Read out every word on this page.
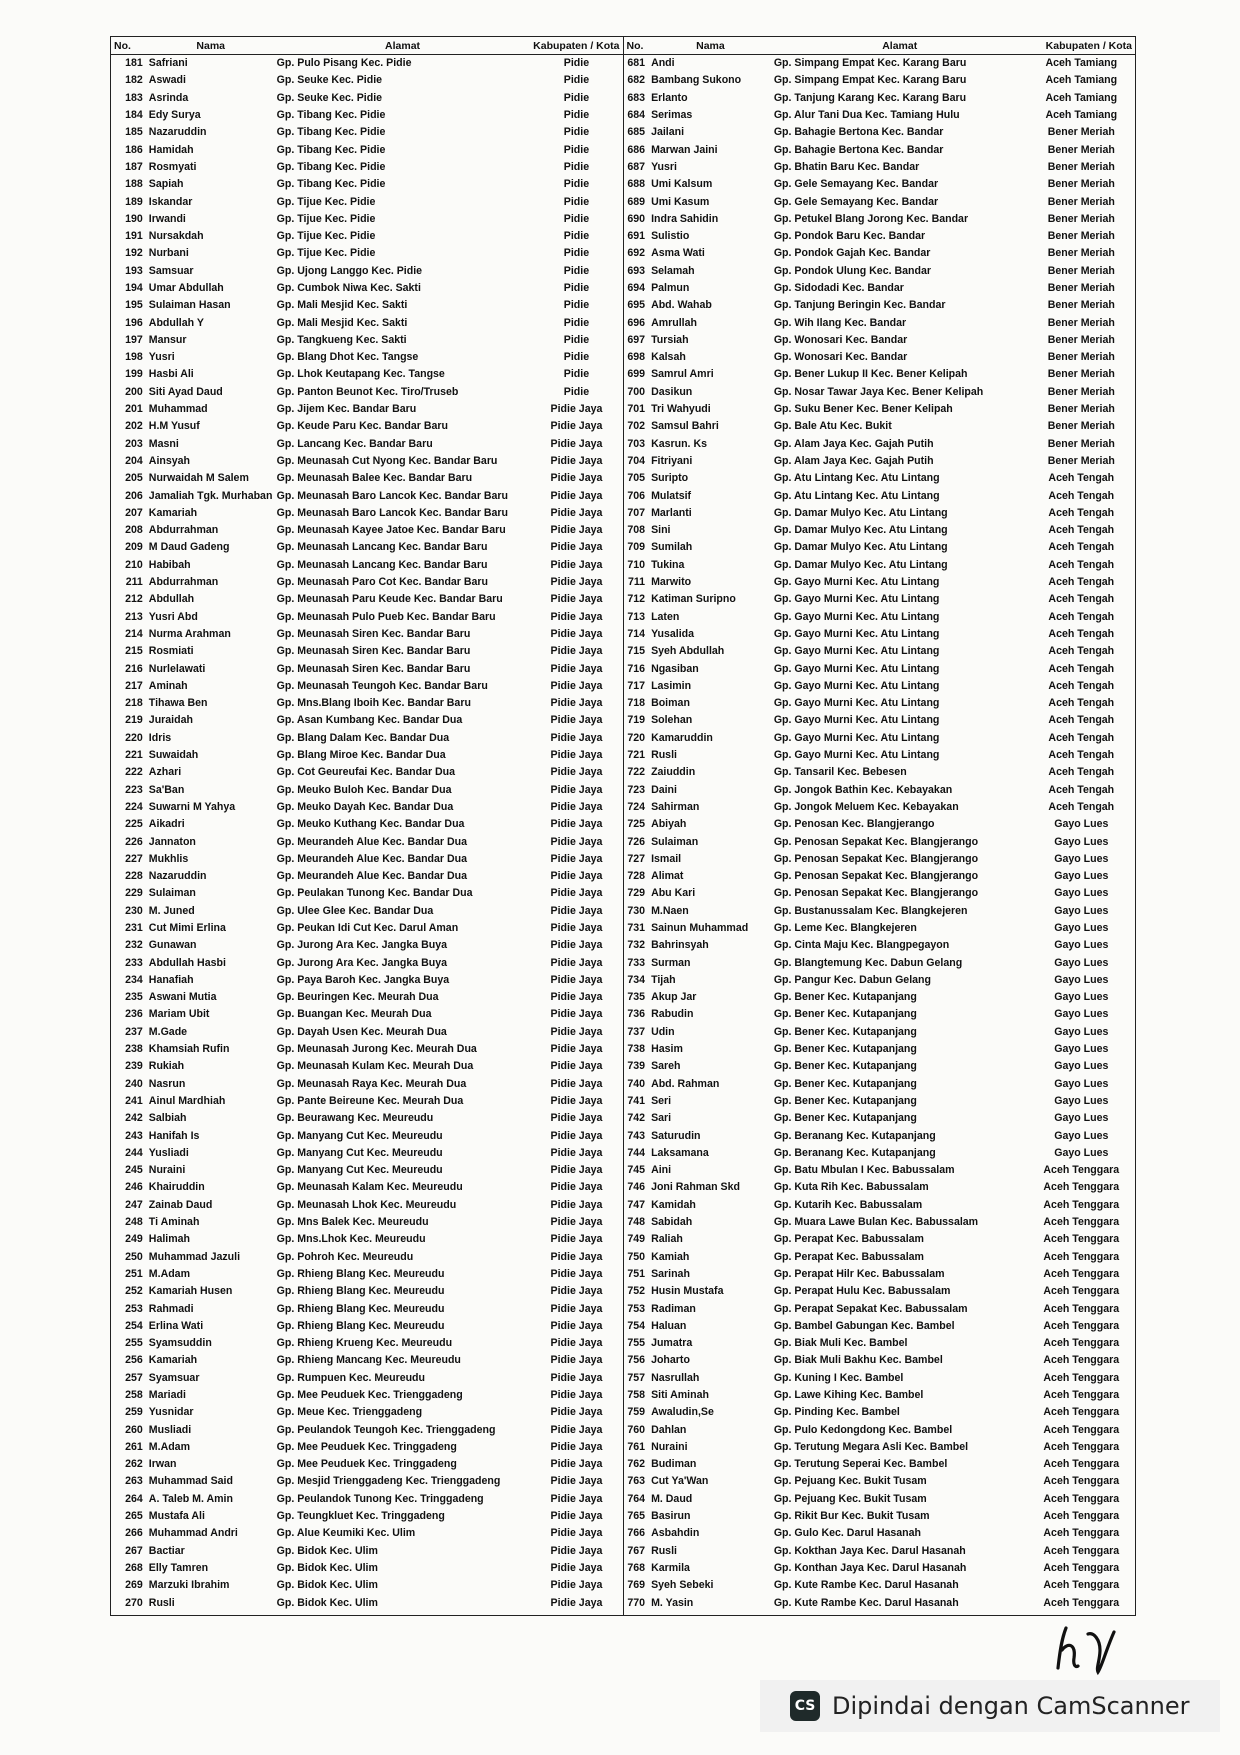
No.	Nama	Alamat	Kabupaten / Kota
181	Safriani	Gp. Pulo Pisang Kec. Pidie	Pidie
182	Aswadi	Gp. Seuke Kec. Pidie	Pidie
183	Asrinda	Gp. Seuke Kec. Pidie	Pidie
184	Edy Surya	Gp. Tibang Kec. Pidie	Pidie
185	Nazaruddin	Gp. Tibang Kec. Pidie	Pidie
186	Hamidah	Gp. Tibang Kec. Pidie	Pidie
187	Rosmyati	Gp. Tibang Kec. Pidie	Pidie
188	Sapiah	Gp. Tibang Kec. Pidie	Pidie
189	Iskandar	Gp. Tijue Kec. Pidie	Pidie
190	Irwandi	Gp. Tijue Kec. Pidie	Pidie
191	Nursakdah	Gp. Tijue Kec. Pidie	Pidie
192	Nurbani	Gp. Tijue Kec. Pidie	Pidie
193	Samsuar	Gp. Ujong Langgo Kec. Pidie	Pidie
194	Umar Abdullah	Gp. Cumbok Niwa Kec. Sakti	Pidie
195	Sulaiman Hasan	Gp. Mali Mesjid Kec. Sakti	Pidie
196	Abdullah Y	Gp. Mali Mesjid Kec. Sakti	Pidie
197	Mansur	Gp. Tangkueng Kec. Sakti	Pidie
198	Yusri	Gp. Blang Dhot Kec. Tangse	Pidie
199	Hasbi Ali	Gp. Lhok Keutapang Kec. Tangse	Pidie
200	Siti Ayad Daud	Gp. Panton Beunot Kec. Tiro/Truseb	Pidie
201	Muhammad	Gp. Jijem Kec. Bandar Baru	Pidie Jaya
202	H.M Yusuf	Gp. Keude Paru Kec. Bandar Baru	Pidie Jaya
203	Masni	Gp. Lancang Kec. Bandar Baru	Pidie Jaya
204	Ainsyah	Gp. Meunasah Cut Nyong Kec. Bandar Baru	Pidie Jaya
205	Nurwaidah M Salem	Gp. Meunasah Balee Kec. Bandar Baru	Pidie Jaya
206	Jamaliah Tgk. Murhaban	Gp. Meunasah Baro Lancok Kec. Bandar Baru	Pidie Jaya
207	Kamariah	Gp. Meunasah Baro Lancok Kec. Bandar Baru	Pidie Jaya
208	Abdurrahman	Gp. Meunasah Kayee Jatoe Kec. Bandar Baru	Pidie Jaya
209	M Daud Gadeng	Gp. Meunasah Lancang Kec. Bandar Baru	Pidie Jaya
210	Habibah	Gp. Meunasah Lancang Kec. Bandar Baru	Pidie Jaya
211	Abdurrahman	Gp. Meunasah Paro Cot Kec. Bandar Baru	Pidie Jaya
212	Abdullah	Gp. Meunasah Paru Keude Kec. Bandar Baru	Pidie Jaya
213	Yusri Abd	Gp. Meunasah Pulo Pueb Kec. Bandar Baru	Pidie Jaya
214	Nurma Arahman	Gp. Meunasah Siren Kec. Bandar Baru	Pidie Jaya
215	Rosmiati	Gp. Meunasah Siren Kec. Bandar Baru	Pidie Jaya
216	Nurlelawati	Gp. Meunasah Siren Kec. Bandar Baru	Pidie Jaya
217	Aminah	Gp. Meunasah Teungoh Kec. Bandar Baru	Pidie Jaya
218	Tihawa Ben	Gp. Mns.Blang Iboih Kec. Bandar Baru	Pidie Jaya
219	Juraidah	Gp. Asan Kumbang Kec. Bandar Dua	Pidie Jaya
220	Idris	Gp. Blang Dalam Kec. Bandar Dua	Pidie Jaya
221	Suwaidah	Gp. Blang Miroe Kec. Bandar Dua	Pidie Jaya
222	Azhari	Gp. Cot Geureufai Kec. Bandar Dua	Pidie Jaya
223	Sa'Ban	Gp. Meuko Buloh Kec. Bandar Dua	Pidie Jaya
224	Suwarni M Yahya	Gp. Meuko Dayah Kec. Bandar Dua	Pidie Jaya
225	Aikadri	Gp. Meuko Kuthang Kec. Bandar Dua	Pidie Jaya
226	Jannaton	Gp. Meurandeh Alue Kec. Bandar Dua	Pidie Jaya
227	Mukhlis	Gp. Meurandeh Alue Kec. Bandar Dua	Pidie Jaya
228	Nazaruddin	Gp. Meurandeh Alue Kec. Bandar Dua	Pidie Jaya
229	Sulaiman	Gp. Peulakan Tunong Kec. Bandar Dua	Pidie Jaya
230	M. Juned	Gp. Ulee Glee Kec. Bandar Dua	Pidie Jaya
231	Cut Mimi Erlina	Gp. Peukan Idi Cut Kec. Darul Aman	Pidie Jaya
232	Gunawan	Gp. Jurong Ara Kec. Jangka Buya	Pidie Jaya
233	Abdullah Hasbi	Gp. Jurong Ara Kec. Jangka Buya	Pidie Jaya
234	Hanafiah	Gp. Paya Baroh Kec. Jangka Buya	Pidie Jaya
235	Aswani Mutia	Gp. Beuringen Kec. Meurah Dua	Pidie Jaya
236	Mariam Ubit	Gp. Buangan Kec. Meurah Dua	Pidie Jaya
237	M.Gade	Gp. Dayah Usen Kec. Meurah Dua	Pidie Jaya
238	Khamsiah Rufin	Gp. Meunasah Jurong Kec. Meurah Dua	Pidie Jaya
239	Rukiah	Gp. Meunasah Kulam Kec. Meurah Dua	Pidie Jaya
240	Nasrun	Gp. Meunasah Raya Kec. Meurah Dua	Pidie Jaya
241	Ainul Mardhiah	Gp. Pante Beireune Kec. Meurah Dua	Pidie Jaya
242	Salbiah	Gp. Beurawang Kec. Meureudu	Pidie Jaya
243	Hanifah Is	Gp. Manyang Cut Kec. Meureudu	Pidie Jaya
244	Yusliadi	Gp. Manyang Cut Kec. Meureudu	Pidie Jaya
245	Nuraini	Gp. Manyang Cut Kec. Meureudu	Pidie Jaya
246	Khairuddin	Gp. Meunasah Kalam Kec. Meureudu	Pidie Jaya
247	Zainab Daud	Gp. Meunasah Lhok Kec. Meureudu	Pidie Jaya
248	Ti Aminah	Gp. Mns Balek Kec. Meureudu	Pidie Jaya
249	Halimah	Gp. Mns.Lhok Kec. Meureudu	Pidie Jaya
250	Muhammad Jazuli	Gp. Pohroh Kec. Meureudu	Pidie Jaya
251	M.Adam	Gp. Rhieng Blang Kec. Meureudu	Pidie Jaya
252	Kamariah Husen	Gp. Rhieng Blang Kec. Meureudu	Pidie Jaya
253	Rahmadi	Gp. Rhieng Blang Kec. Meureudu	Pidie Jaya
254	Erlina Wati	Gp. Rhieng Blang Kec. Meureudu	Pidie Jaya
255	Syamsuddin	Gp. Rhieng Krueng Kec. Meureudu	Pidie Jaya
256	Kamariah	Gp. Rhieng Mancang Kec. Meureudu	Pidie Jaya
257	Syamsuar	Gp. Rumpuen Kec. Meureudu	Pidie Jaya
258	Mariadi	Gp. Mee Peuduek Kec. Trienggadeng	Pidie Jaya
259	Yusnidar	Gp. Meue Kec. Trienggadeng	Pidie Jaya
260	Musliadi	Gp. Peulandok Teungoh Kec. Trienggadeng	Pidie Jaya
261	M.Adam	Gp. Mee Peuduek Kec. Tringgadeng	Pidie Jaya
262	Irwan	Gp. Mee Peuduek Kec. Tringgadeng	Pidie Jaya
263	Muhammad Said	Gp. Mesjid Trienggadeng Kec. Trienggadeng	Pidie Jaya
264	A. Taleb M. Amin	Gp. Peulandok Tunong Kec. Tringgadeng	Pidie Jaya
265	Mustafa Ali	Gp. Teungkluet Kec. Tringgadeng	Pidie Jaya
266	Muhammad Andri	Gp. Alue Keumiki Kec. Ulim	Pidie Jaya
267	Bactiar	Gp. Bidok Kec. Ulim	Pidie Jaya
268	Elly Tamren	Gp. Bidok Kec. Ulim	Pidie Jaya
269	Marzuki Ibrahim	Gp. Bidok Kec. Ulim	Pidie Jaya
270	Rusli	Gp. Bidok Kec. Ulim	Pidie Jaya
No.	Nama	Alamat	Kabupaten / Kota
681	Andi	Gp. Simpang Empat Kec. Karang Baru	Aceh Tamiang
682	Bambang Sukono	Gp. Simpang Empat Kec. Karang Baru	Aceh Tamiang
683	Erlanto	Gp. Tanjung Karang Kec. Karang Baru	Aceh Tamiang
684	Serimas	Gp. Alur Tani Dua Kec. Tamiang Hulu	Aceh Tamiang
685	Jailani	Gp. Bahagie Bertona Kec. Bandar	Bener Meriah
686	Marwan Jaini	Gp. Bahagie Bertona Kec. Bandar	Bener Meriah
687	Yusri	Gp. Bhatin Baru Kec. Bandar	Bener Meriah
688	Umi Kalsum	Gp. Gele Semayang Kec. Bandar	Bener Meriah
689	Umi Kasum	Gp. Gele Semayang Kec. Bandar	Bener Meriah
690	Indra Sahidin	Gp. Petukel Blang Jorong Kec. Bandar	Bener Meriah
691	Sulistio	Gp. Pondok Baru Kec. Bandar	Bener Meriah
692	Asma Wati	Gp. Pondok Gajah Kec. Bandar	Bener Meriah
693	Selamah	Gp. Pondok Ulung Kec. Bandar	Bener Meriah
694	Palmun	Gp. Sidodadi Kec. Bandar	Bener Meriah
695	Abd. Wahab	Gp. Tanjung Beringin Kec. Bandar	Bener Meriah
696	Amrullah	Gp. Wih Ilang Kec. Bandar	Bener Meriah
697	Tursiah	Gp. Wonosari Kec. Bandar	Bener Meriah
698	Kalsah	Gp. Wonosari Kec. Bandar	Bener Meriah
699	Samrul Amri	Gp. Bener Lukup II Kec. Bener Kelipah	Bener Meriah
700	Dasikun	Gp. Nosar Tawar Jaya Kec. Bener Kelipah	Bener Meriah
701	Tri Wahyudi	Gp. Suku Bener Kec. Bener Kelipah	Bener Meriah
702	Samsul Bahri	Gp. Bale Atu Kec. Bukit	Bener Meriah
703	Kasrun. Ks	Gp. Alam Jaya Kec. Gajah Putih	Bener Meriah
704	Fitriyani	Gp. Alam Jaya Kec. Gajah Putih	Bener Meriah
705	Suripto	Gp. Atu Lintang Kec. Atu Lintang	Aceh Tengah
706	Mulatsif	Gp. Atu Lintang Kec. Atu Lintang	Aceh Tengah
707	Marlanti	Gp. Damar Mulyo Kec. Atu Lintang	Aceh Tengah
708	Sini	Gp. Damar Mulyo Kec. Atu Lintang	Aceh Tengah
709	Sumilah	Gp. Damar Mulyo Kec. Atu Lintang	Aceh Tengah
710	Tukina	Gp. Damar Mulyo Kec. Atu Lintang	Aceh Tengah
711	Marwito	Gp. Gayo Murni Kec. Atu Lintang	Aceh Tengah
712	Katiman Suripno	Gp. Gayo Murni Kec. Atu Lintang	Aceh Tengah
713	Laten	Gp. Gayo Murni Kec. Atu Lintang	Aceh Tengah
714	Yusalida	Gp. Gayo Murni Kec. Atu Lintang	Aceh Tengah
715	Syeh Abdullah	Gp. Gayo Murni Kec. Atu Lintang	Aceh Tengah
716	Ngasiban	Gp. Gayo Murni Kec. Atu Lintang	Aceh Tengah
717	Lasimin	Gp. Gayo Murni Kec. Atu Lintang	Aceh Tengah
718	Boiman	Gp. Gayo Murni Kec. Atu Lintang	Aceh Tengah
719	Solehan	Gp. Gayo Murni Kec. Atu Lintang	Aceh Tengah
720	Kamaruddin	Gp. Gayo Murni Kec. Atu Lintang	Aceh Tengah
721	Rusli	Gp. Gayo Murni Kec. Atu Lintang	Aceh Tengah
722	Zaiuddin	Gp. Tansaril Kec. Bebesen	Aceh Tengah
723	Daini	Gp. Jongok Bathin Kec. Kebayakan	Aceh Tengah
724	Sahirman	Gp. Jongok Meluem Kec. Kebayakan	Aceh Tengah
725	Abiyah	Gp. Penosan Kec. Blangjerango	Gayo Lues
726	Sulaiman	Gp. Penosan Sepakat Kec. Blangjerango	Gayo Lues
727	Ismail	Gp. Penosan Sepakat Kec. Blangjerango	Gayo Lues
728	Alimat	Gp. Penosan Sepakat Kec. Blangjerango	Gayo Lues
729	Abu Kari	Gp. Penosan Sepakat Kec. Blangjerango	Gayo Lues
730	M.Naen	Gp. Bustanussalam Kec. Blangkejeren	Gayo Lues
731	Sainun Muhammad	Gp. Leme Kec. Blangkejeren	Gayo Lues
732	Bahrinsyah	Gp. Cinta Maju Kec. Blangpegayon	Gayo Lues
733	Surman	Gp. Blangtemung Kec. Dabun Gelang	Gayo Lues
734	Tijah	Gp. Pangur Kec. Dabun Gelang	Gayo Lues
735	Akup Jar	Gp. Bener Kec. Kutapanjang	Gayo Lues
736	Rabudin	Gp. Bener Kec. Kutapanjang	Gayo Lues
737	Udin	Gp. Bener Kec. Kutapanjang	Gayo Lues
738	Hasim	Gp. Bener Kec. Kutapanjang	Gayo Lues
739	Sareh	Gp. Bener Kec. Kutapanjang	Gayo Lues
740	Abd. Rahman	Gp. Bener Kec. Kutapanjang	Gayo Lues
741	Seri	Gp. Bener Kec. Kutapanjang	Gayo Lues
742	Sari	Gp. Bener Kec. Kutapanjang	Gayo Lues
743	Saturudin	Gp. Beranang Kec. Kutapanjang	Gayo Lues
744	Laksamana	Gp. Beranang Kec. Kutapanjang	Gayo Lues
745	Aini	Gp. Batu Mbulan I Kec. Babussalam	Aceh Tenggara
746	Joni Rahman Skd	Gp. Kuta Rih Kec. Babussalam	Aceh Tenggara
747	Kamidah	Gp. Kutarih Kec. Babussalam	Aceh Tenggara
748	Sabidah	Gp. Muara Lawe Bulan Kec. Babussalam	Aceh Tenggara
749	Raliah	Gp. Perapat Kec. Babussalam	Aceh Tenggara
750	Kamiah	Gp. Perapat Kec. Babussalam	Aceh Tenggara
751	Sarinah	Gp. Perapat Hilr Kec. Babussalam	Aceh Tenggara
752	Husin Mustafa	Gp. Perapat Hulu Kec. Babussalam	Aceh Tenggara
753	Radiman	Gp. Perapat Sepakat Kec. Babussalam	Aceh Tenggara
754	Haluan	Gp. Bambel Gabungan Kec. Bambel	Aceh Tenggara
755	Jumatra	Gp. Biak Muli Kec. Bambel	Aceh Tenggara
756	Joharto	Gp. Biak Muli Bakhu Kec. Bambel	Aceh Tenggara
757	Nasrullah	Gp. Kuning I Kec. Bambel	Aceh Tenggara
758	Siti Aminah	Gp. Lawe Kihing Kec. Bambel	Aceh Tenggara
759	Awaludin,Se	Gp. Pinding Kec. Bambel	Aceh Tenggara
760	Dahlan	Gp. Pulo Kedongdong Kec. Bambel	Aceh Tenggara
761	Nuraini	Gp. Terutung Megara Asli Kec. Bambel	Aceh Tenggara
762	Budiman	Gp. Terutung Seperai Kec. Bambel	Aceh Tenggara
763	Cut Ya'Wan	Gp. Pejuang Kec. Bukit Tusam	Aceh Tenggara
764	M. Daud	Gp. Pejuang Kec. Bukit Tusam	Aceh Tenggara
765	Basirun	Gp. Rikit Bur Kec. Bukit Tusam	Aceh Tenggara
766	Asbahdin	Gp. Gulo Kec. Darul Hasanah	Aceh Tenggara
767	Rusli	Gp. Kokthan Jaya Kec. Darul Hasanah	Aceh Tenggara
768	Karmila	Gp. Konthan Jaya Kec. Darul Hasanah	Aceh Tenggara
769	Syeh Sebeki	Gp. Kute Rambe Kec. Darul Hasanah	Aceh Tenggara
770	M. Yasin	Gp. Kute Rambe Kec. Darul Hasanah	Aceh Tenggara
CS Dipindai dengan CamScanner
